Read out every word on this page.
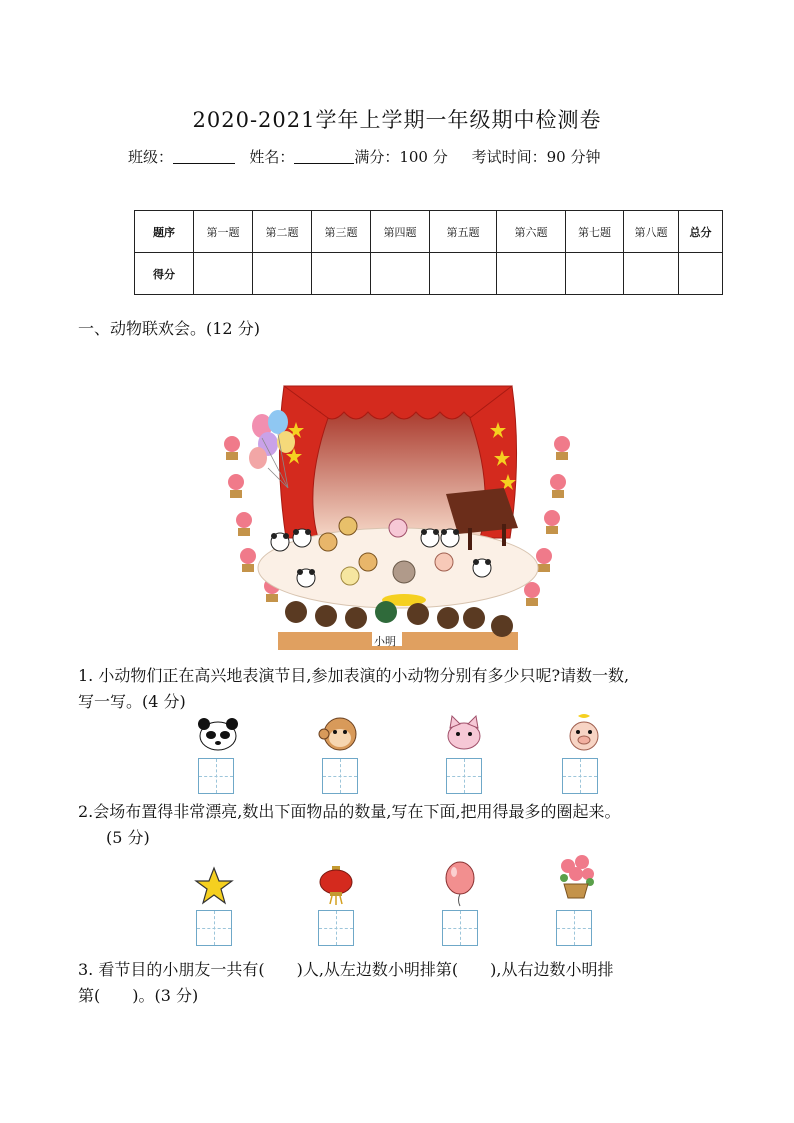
2020-2021学年上学期一年级期中检测卷
班级：	姓名：	满分：100 分 考试时间：90 分钟
题序	第一题	第二题	第三题	第四题	第五题	第六题	第七题	第八题	总分
得分									
一、动物联欢会。(12 分)
小明
1. 小动物们正在高兴地表演节目,参加表演的小动物分别有多少只呢?请数一数,
写一写。(4 分)
2.会场布置得非常漂亮,数出下面物品的数量,写在下面,把用得最多的圈起来。
(5 分)
3. 看节目的小朋友一共有(　　)人,从左边数小明排第(　　),从右边数小明排
第(　　)。(3 分)
